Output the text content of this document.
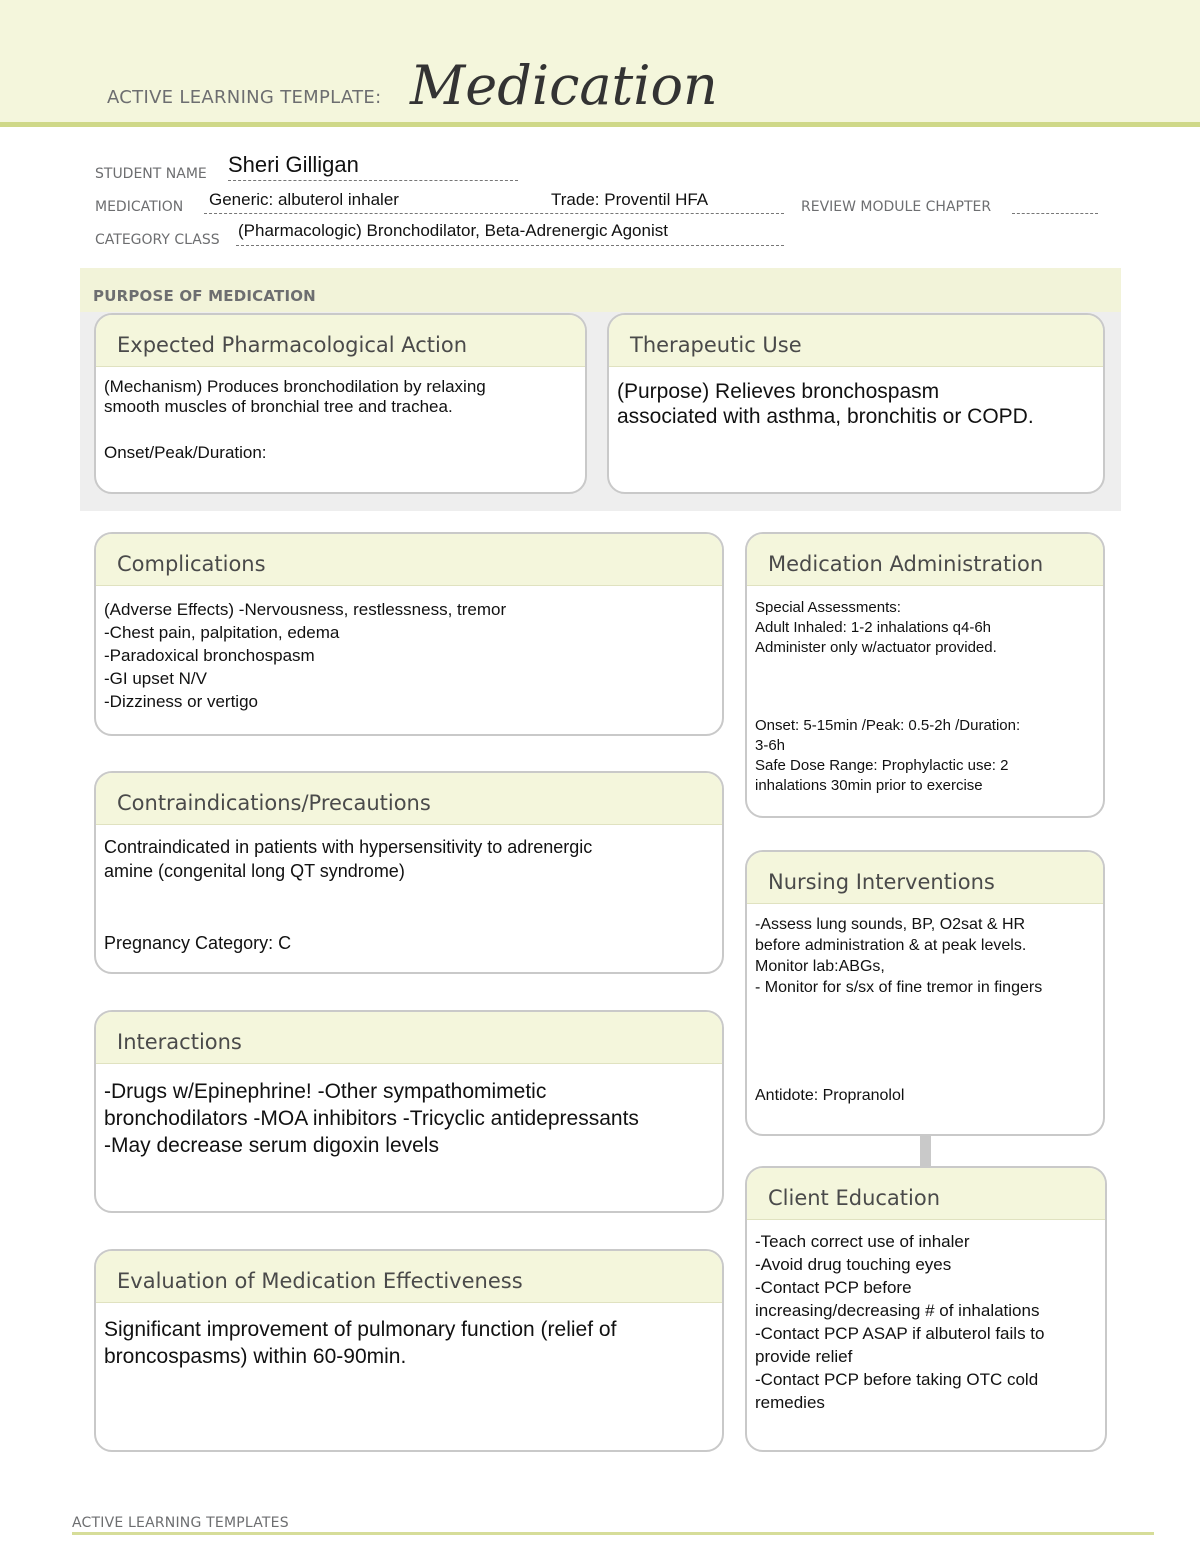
ACTIVE LEARNING TEMPLATE: Medication
STUDENT NAME Sheri Gilligan
MEDICATION Generic: albuterol inhaler	Trade: Proventil HFA	REVIEW MODULE CHAPTER
CATEGORY CLASS (Pharmacologic) Bronchodilator, Beta-Adrenergic Agonist
PURPOSE OF MEDICATION
Expected Pharmacological Action
(Mechanism) Produces bronchodilation by relaxing
smooth muscles of bronchial tree and trachea.
Onset/Peak/Duration:
Therapeutic Use
(Purpose) Relieves bronchospasm
associated with asthma, bronchitis or COPD.
Complications
(Adverse Effects) -Nervousness, restlessness, tremor
-Chest pain, palpitation, edema
-Paradoxical bronchospasm
-GI upset N/V
-Dizziness or vertigo
Medication Administration
Special Assessments:
Adult Inhaled: 1-2 inhalations q4-6h
Administer only w/actuator provided.
Onset: 5-15min /Peak: 0.5-2h /Duration:
3-6h
Safe Dose Range: Prophylactic use: 2
inhalations 30min prior to exercise
Contraindications/Precautions
Contraindicated in patients with hypersensitivity to adrenergic
amine (congenital long QT syndrome)
Pregnancy Category: C
Nursing Interventions
-Assess lung sounds, BP, O2sat & HR
before administration & at peak levels.
Monitor lab:ABGs,
- Monitor for s/sx of fine tremor in fingers
Antidote: Propranolol
Interactions
-Drugs w/Epinephrine! -Other sympathomimetic
bronchodilators -MOA inhibitors -Tricyclic antidepressants
-May decrease serum digoxin levels
Client Education
-Teach correct use of inhaler
-Avoid drug touching eyes
-Contact PCP before
increasing/decreasing # of inhalations
-Contact PCP ASAP if albuterol fails to
provide relief
-Contact PCP before taking OTC cold
remedies
Evaluation of Medication Effectiveness
Significant improvement of pulmonary function (relief of
broncospasms) within 60-90min.
ACTIVE LEARNING TEMPLATES
